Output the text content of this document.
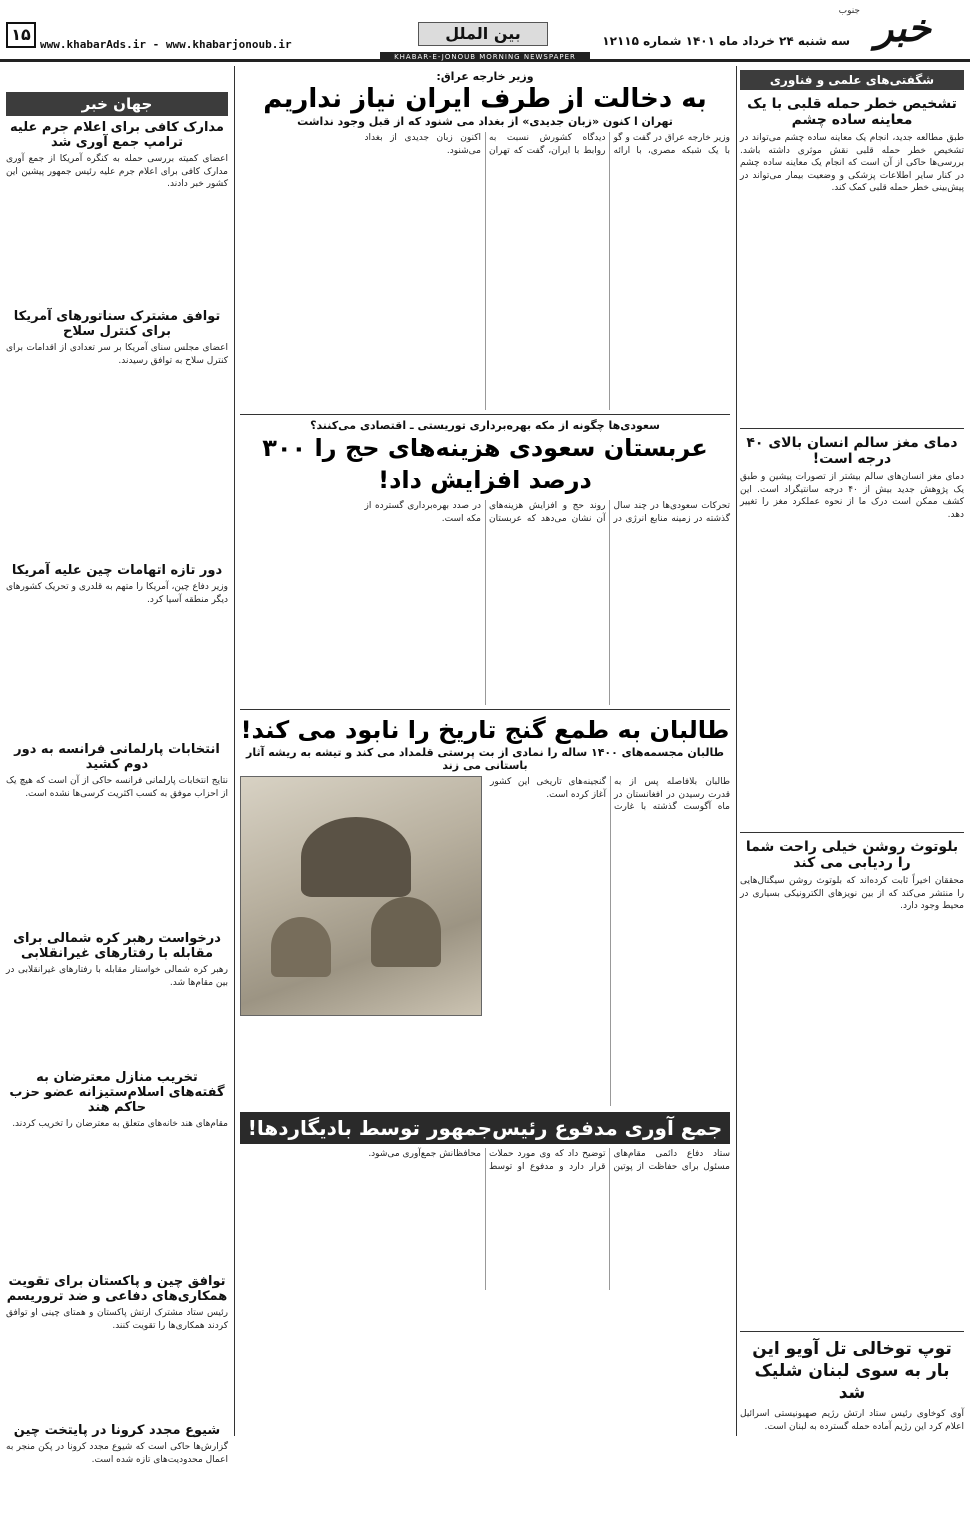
خبر
جنوب
سه شنبه ۲۴ خرداد ماه ۱۴۰۱ شماره ۱۲۱۱۵
بین الملل
www.khabarAds.ir - www.khabarjonoub.ir
۱۵
KHABAR-E-JONOUB MORNING NEWSPAPER
شگفتی‌های علمی و فناوری
تشخیص خطر حمله قلبی با یک معاینه ساده چشم
طبق مطالعه جدید، انجام یک معاینه ساده چشم می‌تواند در تشخیص خطر حمله قلبی نقش موثری داشته باشد. بررسی‌ها حاکی از آن است که انجام یک معاینه ساده چشم در کنار سایر اطلاعات پزشکی و وضعیت بیمار می‌تواند در پیش‌بینی خطر حمله قلبی کمک کند.
دمای مغز سالم انسان بالای ۴۰ درجه است!
دمای مغز انسان‌های سالم بیشتر از تصورات پیشین و طبق یک پژوهش جدید بیش از ۴۰ درجه سانتیگراد است. این کشف ممکن است درک ما از نحوه عملکرد مغز را تغییر دهد.
بلوتوث روشن خیلی راحت شما را ردیابی می کند
محققان اخیراً ثابت کرده‌اند که بلوتوث روشن سیگنال‌هایی را منتشر می‌کند که از بین نویزهای الکترونیکی بسیاری در محیط وجود دارد.
توپ توخالی تل آویو این بار به سوی لبنان شلیک شد
آوی کوخاوی رئیس ستاد ارتش رژیم صهیونیستی اسرائیل اعلام کرد این رژیم آماده حمله گسترده به لبنان است.
وزیر خارجه عراق:
به دخالت از طرف ایران نیاز نداریم
تهران ا کنون «زبان جدیدی» از بغداد می شنود که از قبل وجود نداشت
وزیر خارجه عراق در گفت و گو با یک شبکه مصری، با ارائه دیدگاه کشورش نسبت به روابط با ایران، گفت که تهران اکنون زبان جدیدی از بغداد می‌شنود.
سعودی‌ها چگونه از مکه بهره‌برداری توریستی ـ اقتصادی می‌کنند؟
عربستان سعودی هزینه‌های حج را ۳۰۰ درصد افزایش داد!
تحرکات سعودی‌ها در چند سال گذشته در زمینه منابع انرژی در روند حج و افزایش هزینه‌های آن نشان می‌دهد که عربستان در صدد بهره‌برداری گسترده از مکه است.
طالبان به طمع گنج تاریخ را نابود می کند!
طالبان مجسمه‌های ۱۴۰۰ ساله را نمادی از بت پرستی قلمداد می کند و تیشه به ریشه آثار باستانی می زند
طالبان بلافاصله پس از به قدرت رسیدن در افغانستان در ماه آگوست گذشته با غارت گنجینه‌های تاریخی این کشور آغاز کرده است.
جمع آوری مدفوع رئیس‌جمهور توسط بادیگاردها!
ستاد دفاع دائمی مقام‌های مسئول برای حفاظت از پوتین توضیح داد که وی مورد حملات قرار دارد و مدفوع او توسط محافظانش جمع‌آوری می‌شود.
جهان خبر
مدارک کافی برای اعلام جرم علیه ترامپ جمع آوری شد
اعضای کمیته بررسی حمله به کنگره آمریکا از جمع آوری مدارک کافی برای اعلام جرم علیه رئیس جمهور پیشین این کشور خبر دادند.
توافق مشترک سناتورهای آمریکا برای کنترل سلاح
اعضای مجلس سنای آمریکا بر سر تعدادی از اقدامات برای کنترل سلاح به توافق رسیدند.
دور تازه اتهامات چین علیه آمریکا
وزیر دفاع چین، آمریکا را متهم به قلدری و تحریک کشورهای دیگر منطقه آسیا کرد.
انتخابات پارلمانی فرانسه به دور دوم کشید
نتایج انتخابات پارلمانی فرانسه حاکی از آن است که هیچ یک از احزاب موفق به کسب اکثریت کرسی‌ها نشده است.
درخواست رهبر کره شمالی برای مقابله با رفتارهای غیرانقلابی
رهبر کره شمالی خواستار مقابله با رفتارهای غیرانقلابی در بین مقام‌ها شد.
تخریب منازل معترضان به گفته‌های اسلام‌ستیزانه عضو حزب حاکم هند
مقام‌های هند خانه‌های متعلق به معترضان را تخریب کردند.
توافق چین و پاکستان برای تقویت همکاری‌های دفاعی و ضد تروریسم
رئیس ستاد مشترک ارتش پاکستان و همتای چینی او توافق کردند همکاری‌ها را تقویت کنند.
شیوع مجدد کرونا در پایتخت چین
گزارش‌ها حاکی است که شیوع مجدد کرونا در پکن منجر به اعمال محدودیت‌های تازه شده است.
